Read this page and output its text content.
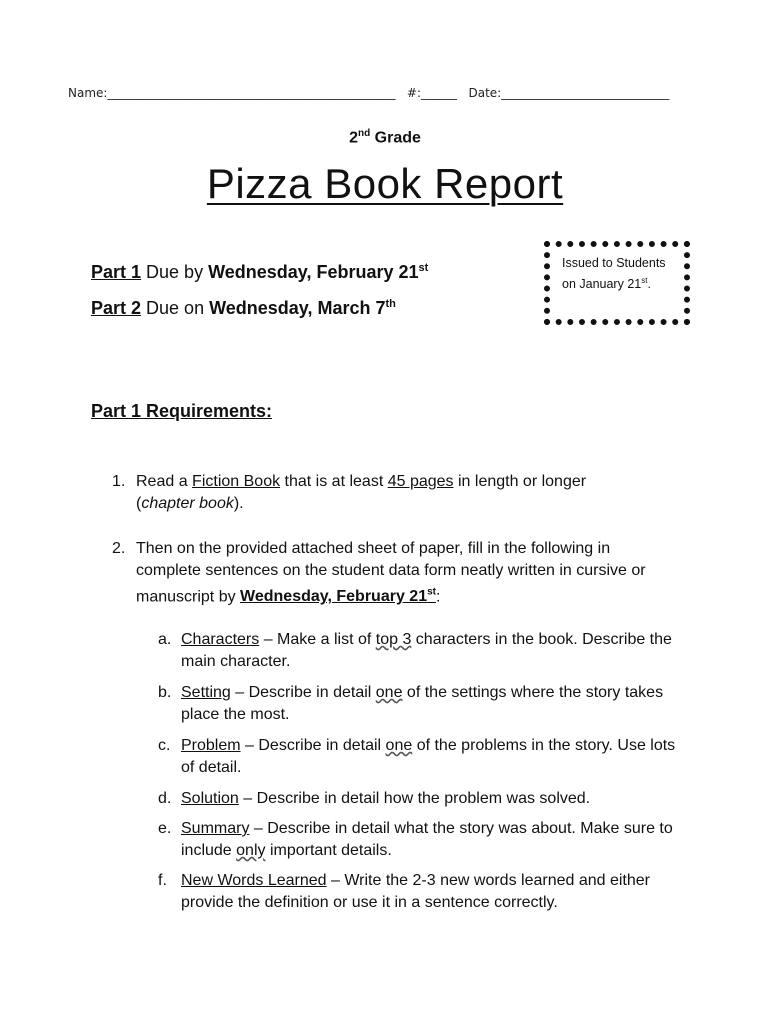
Name:________________________________________________ #:______ Date:____________________________
2nd Grade
Pizza Book Report
Part 1 Due by Wednesday, February 21st
Part 2 Due on Wednesday, March 7th
Issued to Students
on January 21st.
Part 1 Requirements:
1. Read a Fiction Book that is at least 45 pages in length or longer
(chapter book).
2. Then on the provided attached sheet of paper, fill in the following in complete sentences on the student data form neatly written in cursive or manuscript by Wednesday, February 21st:
a. Characters – Make a list of top 3 characters in the book. Describe the main character.
b. Setting – Describe in detail one of the settings where the story takes place the most.
c. Problem – Describe in detail one of the problems in the story. Use lots of detail.
d. Solution – Describe in detail how the problem was solved.
e. Summary – Describe in detail what the story was about. Make sure to include only important details.
f. New Words Learned – Write the 2-3 new words learned and either provide the definition or use it in a sentence correctly.
